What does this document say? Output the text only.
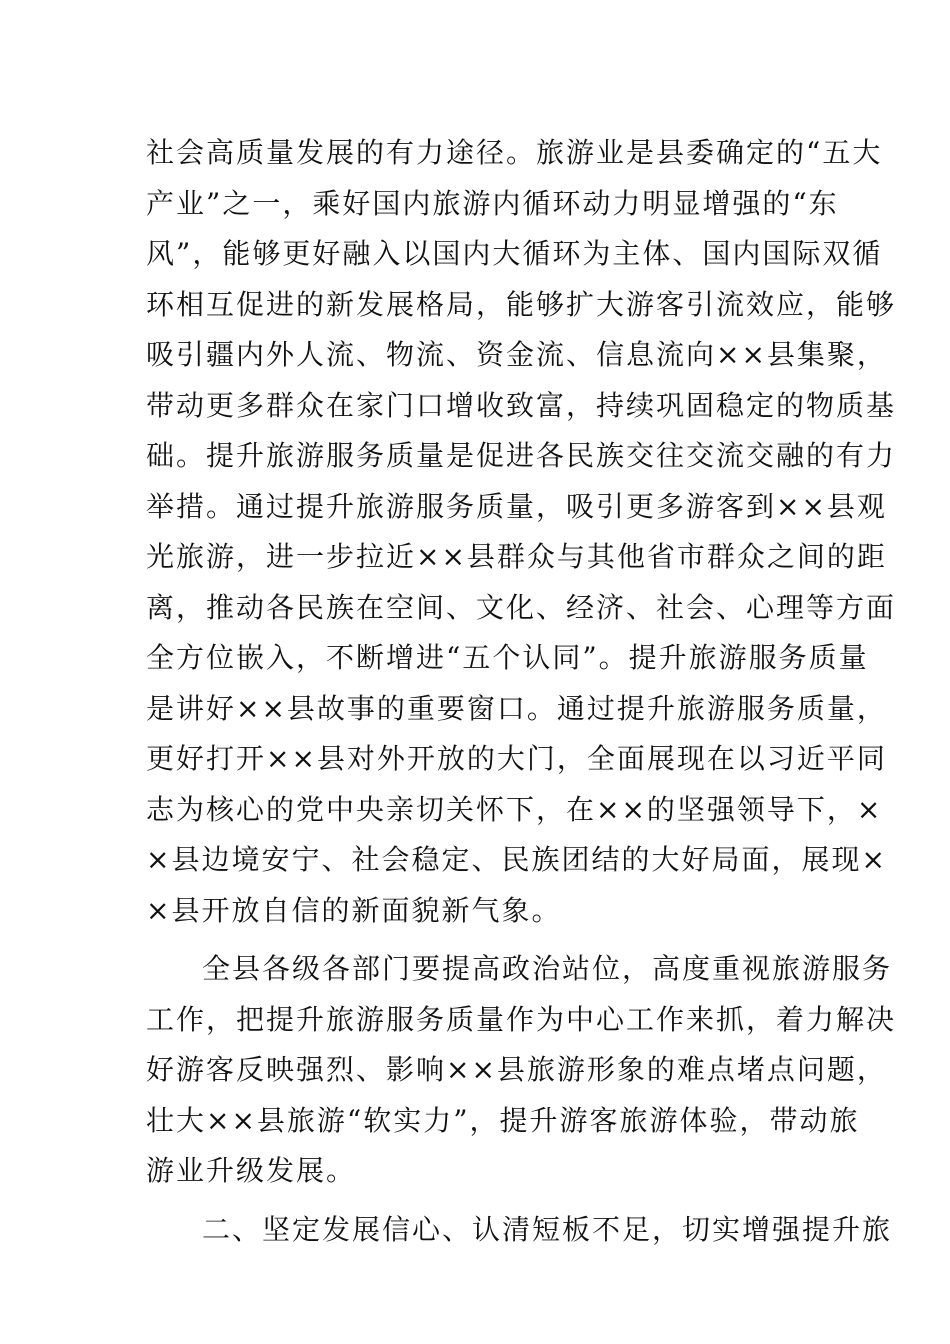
社会高质量发展的有力途径。旅游业是县委确定的“五大
产业”之一，乘好国内旅游内循环动力明显增强的“东
风”，能够更好融入以国内大循环为主体、国内国际双循
环相互促进的新发展格局，能够扩大游客引流效应，能够
吸引疆内外人流、物流、资金流、信息流向××县集聚，
带动更多群众在家门口增收致富，持续巩固稳定的物质基
础。提升旅游服务质量是促进各民族交往交流交融的有力
举措。通过提升旅游服务质量，吸引更多游客到××县观
光旅游，进一步拉近××县群众与其他省市群众之间的距
离，推动各民族在空间、文化、经济、社会、心理等方面
全方位嵌入，不断增进“五个认同”。提升旅游服务质量
是讲好××县故事的重要窗口。通过提升旅游服务质量，
更好打开××县对外开放的大门，全面展现在以习近平同
志为核心的党中央亲切关怀下，在××的坚强领导下，×
×县边境安宁、社会稳定、民族团结的大好局面，展现×
×县开放自信的新面貌新气象。
全县各级各部门要提高政治站位，高度重视旅游服务
工作，把提升旅游服务质量作为中心工作来抓，着力解决
好游客反映强烈、影响××县旅游形象的难点堵点问题，
壮大××县旅游“软实力”，提升游客旅游体验，带动旅
游业升级发展。
二、坚定发展信心、认清短板不足，切实增强提升旅
